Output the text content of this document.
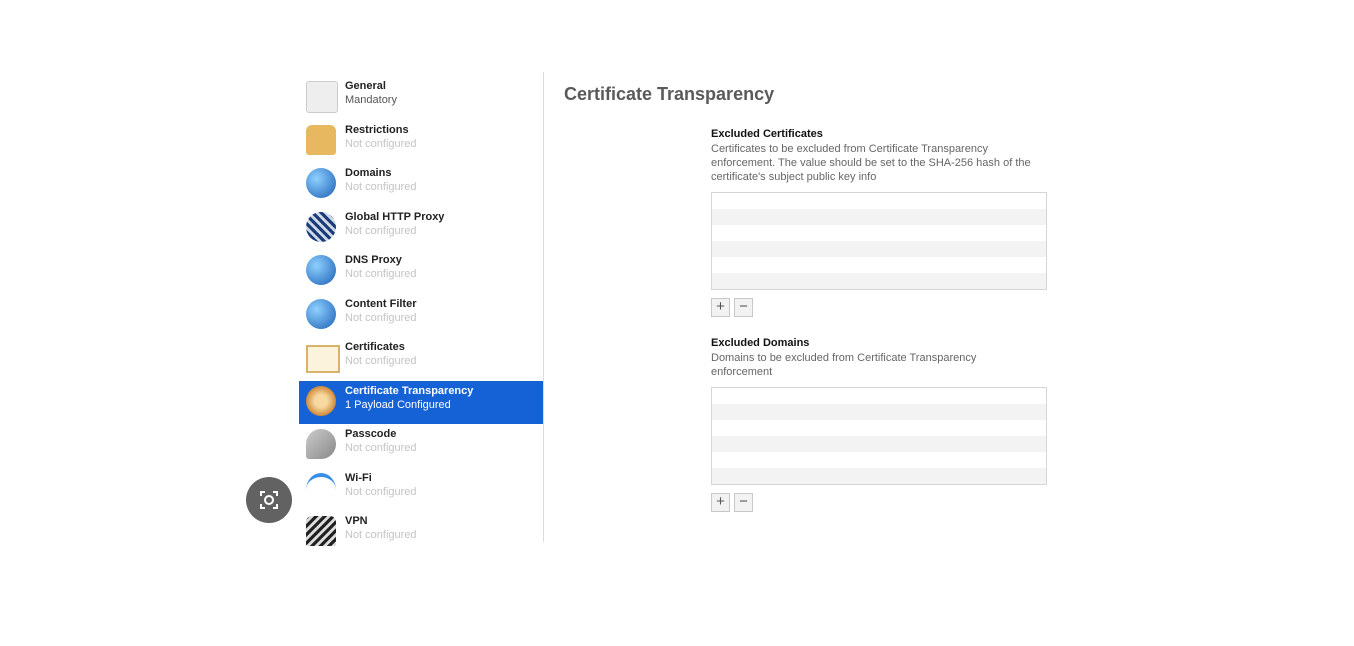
General
Mandatory
Restrictions
Not configured
Domains
Not configured
Global HTTP Proxy
Not configured
DNS Proxy
Not configured
Content Filter
Not configured
Certificates
Not configured
Certificate Transparency
1 Payload Configured
Passcode
Not configured
Wi-Fi
Not configured
VPN
Not configured
Certificate Transparency
Excluded Certificates
Certificates to be excluded from Certificate Transparency enforcement. The value should be set to the SHA-256 hash of the certificate's subject public key info
+ −
Excluded Domains
Domains to be excluded from Certificate Transparency enforcement
+ −
